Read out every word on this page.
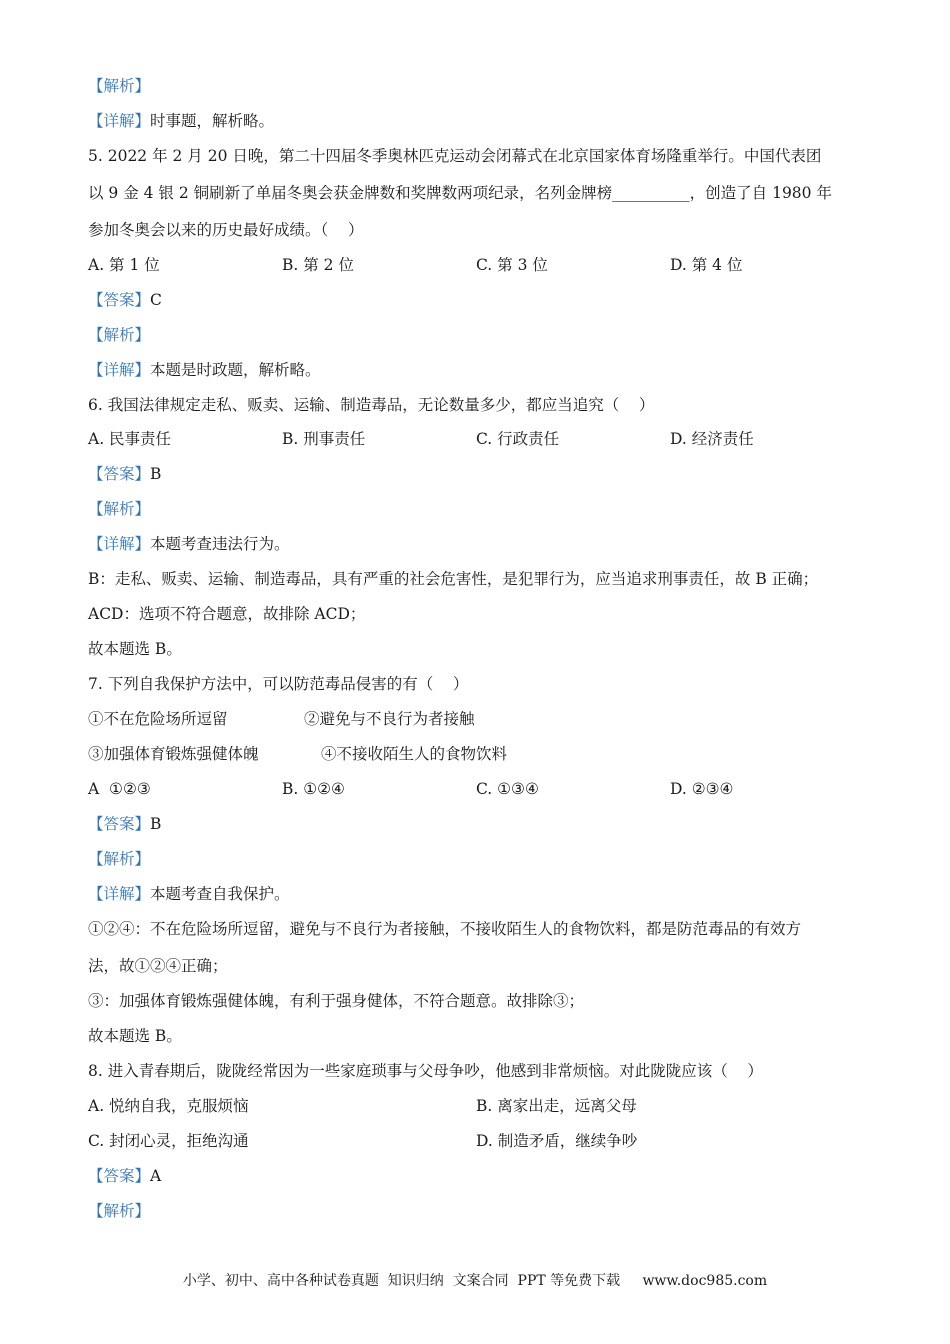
【解析】
【详解】时事题，解析略。
5. 2022 年 2 月 20 日晚，第二十四届冬季奥林匹克运动会闭幕式在北京国家体育场隆重举行。中国代表团
以 9 金 4 银 2 铜刷新了单届冬奥会获金牌数和奖牌数两项纪录，名列金牌榜__________，创造了自 1980 年
参加冬奥会以来的历史最好成绩。（    ）
A. 第 1 位	B. 第 2 位	C. 第 3 位	D. 第 4 位
【答案】C
【解析】
【详解】本题是时政题，解析略。
6. 我国法律规定走私、贩卖、运输、制造毒品，无论数量多少，都应当追究（    ）
A. 民事责任	B. 刑事责任	C. 行政责任	D. 经济责任
【答案】B
【解析】
【详解】本题考查违法行为。
B：走私、贩卖、运输、制造毒品，具有严重的社会危害性，是犯罪行为，应当追求刑事责任，故 B 正确；
ACD：选项不符合题意，故排除 ACD；
故本题选 B。
7. 下列自我保护方法中，可以防范毒品侵害的有（    ）
①不在危险场所逗留	②避免与不良行为者接触
③加强体育锻炼强健体魄	④不接收陌生人的食物饮料
A  ①②③	B. ①②④	C. ①③④	D. ②③④
【答案】B
【解析】
【详解】本题考查自我保护。
①②④：不在危险场所逗留，避免与不良行为者接触，不接收陌生人的食物饮料，都是防范毒品的有效方
法，故①②④正确；
③：加强体育锻炼强健体魄，有利于强身健体，不符合题意。故排除③；
故本题选 B。
8. 进入青春期后，陇陇经常因为一些家庭琐事与父母争吵，他感到非常烦恼。对此陇陇应该（    ）
A. 悦纳自我，克服烦恼	B. 离家出走，远离父母
C. 封闭心灵，拒绝沟通	D. 制造矛盾，继续争吵
【答案】A
【解析】
小学、初中、高中各种试卷真题  知识归纳  文案合同  PPT 等免费下载     www.doc985.com
